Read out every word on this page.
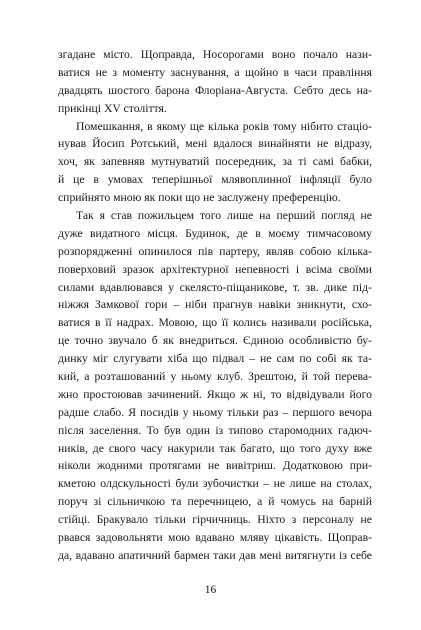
згадане місто. Щоправда, Носорогами воно почало нази-
ватися не з моменту заснування, а щойно в часи правління
двадцять шостого барона Флоріана-Августа. Себто десь на-
прикінці XV століття.
Помешкання, в якому ще кілька років тому нібито стаціо-
нував Йосип Ротський, мені вдалося винайняти не відразу,
хоч, як запевняв мутнуватий посередник, за ті самі бабки,
й це в умовах теперішньої млявоплинної інфляції було
сприйнято мною як поки що не заслужену преференцію.
Так я став пожильцем того лише на перший погляд не
дуже видатного місця. Будинок, де в моєму тимчасовому
розпорядженні опинилося пів партеру, являв собою кілька-
поверховий зразок архітектурної непевності і всіма своїми
силами вдавлювався у скелясто-піщаникове, т. зв. дике під-
ніжжя Замкової гори – ніби прагнув навіки зникнути, схо-
ватися в її надрах. Мовою, що її колись називали російська,
це точно звучало б як внедриться. Єдиною особливістю бу-
динку міг слугувати хіба що підвал – не сам по собі як та-
кий, а розташований у ньому клуб. Зрештою, й той перева-
жно простоював зачинений. Якщо ж ні, то відвідували його
радше слабо. Я посидів у ньому тільки раз – першого вечора
після заселення. То був один із типово старомодних гадюч-
ників, де свого часу накурили так багато, що того духу вже
ніколи жодними протягами не вивітриш. Додатковою при-
кметою олдскульності були зубочистки – не лише на столах,
поруч зі сільничкою та перечницею, а й чомусь на барній
стійці. Бракувало тільки гірчичниць. Ніхто з персоналу не
рвався задовольняти мою вдавано мляву цікавість. Щоправ-
да, вдавано апатичний бармен таки дав мені витягнути із себе
16
